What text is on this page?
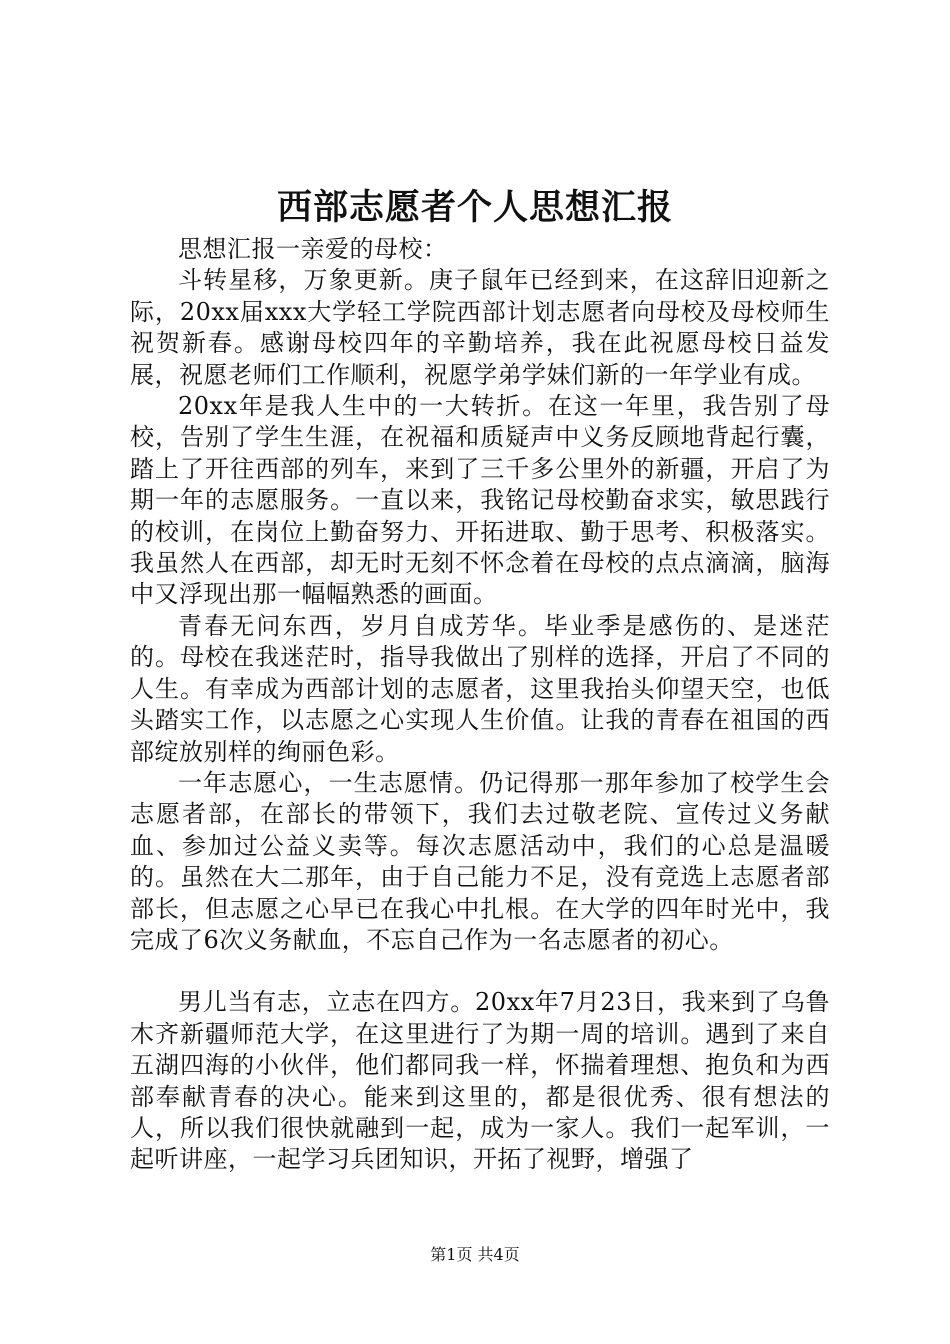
西部志愿者个人思想汇报

思想汇报一亲爱的母校：

斗转星移，万象更新。庚子鼠年已经到来，在这辞旧迎新之际，20xx届xxx大学轻工学院西部计划志愿者向母校及母校师生祝贺新春。感谢母校四年的辛勤培养，我在此祝愿母校日益发展，祝愿老师们工作顺利，祝愿学弟学妹们新的一年学业有成。

20xx年是我人生中的一大转折。在这一年里，我告别了母校，告别了学生生涯，在祝福和质疑声中义务反顾地背起行囊，踏上了开往西部的列车，来到了三千多公里外的新疆，开启了为期一年的志愿服务。一直以来，我铭记母校勤奋求实，敏思践行的校训，在岗位上勤奋努力、开拓进取、勤于思考、积极落实。我虽然人在西部，却无时无刻不怀念着在母校的点点滴滴，脑海中又浮现出那一幅幅熟悉的画面。

青春无问东西，岁月自成芳华。毕业季是感伤的、是迷茫的。母校在我迷茫时，指导我做出了别样的选择，开启了不同的人生。有幸成为西部计划的志愿者，这里我抬头仰望天空，也低头踏实工作，以志愿之心实现人生价值。让我的青春在祖国的西部绽放别样的绚丽色彩。

一年志愿心，一生志愿情。仍记得那一那年参加了校学生会志愿者部，在部长的带领下，我们去过敬老院、宣传过义务献血、参加过公益义卖等。每次志愿活动中，我们的心总是温暖的。虽然在大二那年，由于自己能力不足，没有竞选上志愿者部部长，但志愿之心早已在我心中扎根。在大学的四年时光中，我完成了6次义务献血，不忘自己作为一名志愿者的初心。

男儿当有志，立志在四方。20xx年7月23日，我来到了乌鲁木齐新疆师范大学，在这里进行了为期一周的培训。遇到了来自五湖四海的小伙伴，他们都同我一样，怀揣着理想、抱负和为西部奉献青春的决心。能来到这里的，都是很优秀、很有想法的人，所以我们很快就融到一起，成为一家人。我们一起军训，一起听讲座，一起学习兵团知识，开拓了视野，增强了

第1页 共4页
